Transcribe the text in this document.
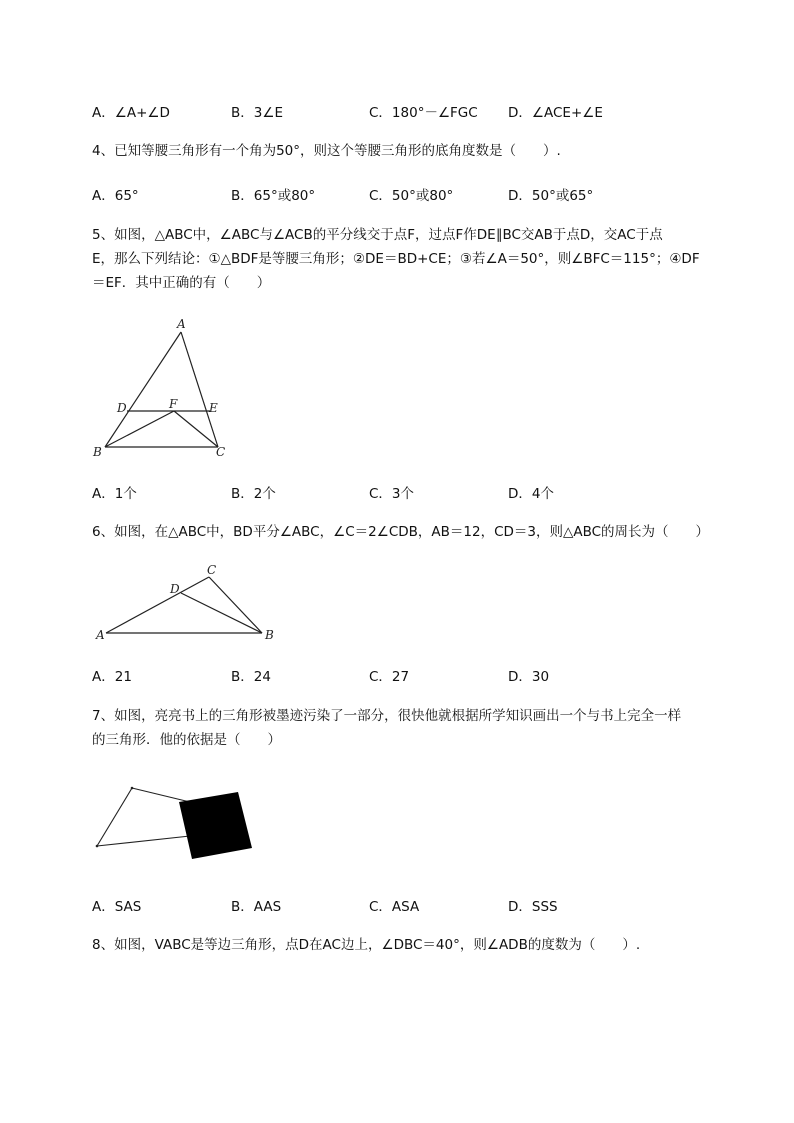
A．∠A+∠D	B．3∠E	C．180°－∠FGC D．∠ACE+∠E

4、已知等腰三角形有一个角为50°，则这个等腰三角形的底角度数是（　　）.

A．65°	B．65°或80°	C．50°或80°	D．50°或65°

5、如图，△ABC中，∠ABC与∠ACB的平分线交于点F，过点F作DE∥BC交AB于点D，交AC于点

E，那么下列结论：①△BDF是等腰三角形；②DE＝BD+CE；③若∠A＝50°，则∠BFC＝115°；④DF

＝EF．其中正确的有（　　）

A
D	F	E
B	C
A．1个	B．2个	C．3个	D．4个

6、如图，在△ABC中，BD平分∠ABC，∠C＝2∠CDB，AB＝12，CD＝3，则△ABC的周长为（　　）

C
D
A	B
A．21	B．24	C．27	D．30

7、如图，亮亮书上的三角形被墨迹污染了一部分，很快他就根据所学知识画出一个与书上完全一样

的三角形．他的依据是（　　）

A．SAS	B．AAS	C．ASA	D．SSS

8、如图，VABC是等边三角形，点D在AC边上，∠DBC＝40°，则∠ADB的度数为（　　）.
